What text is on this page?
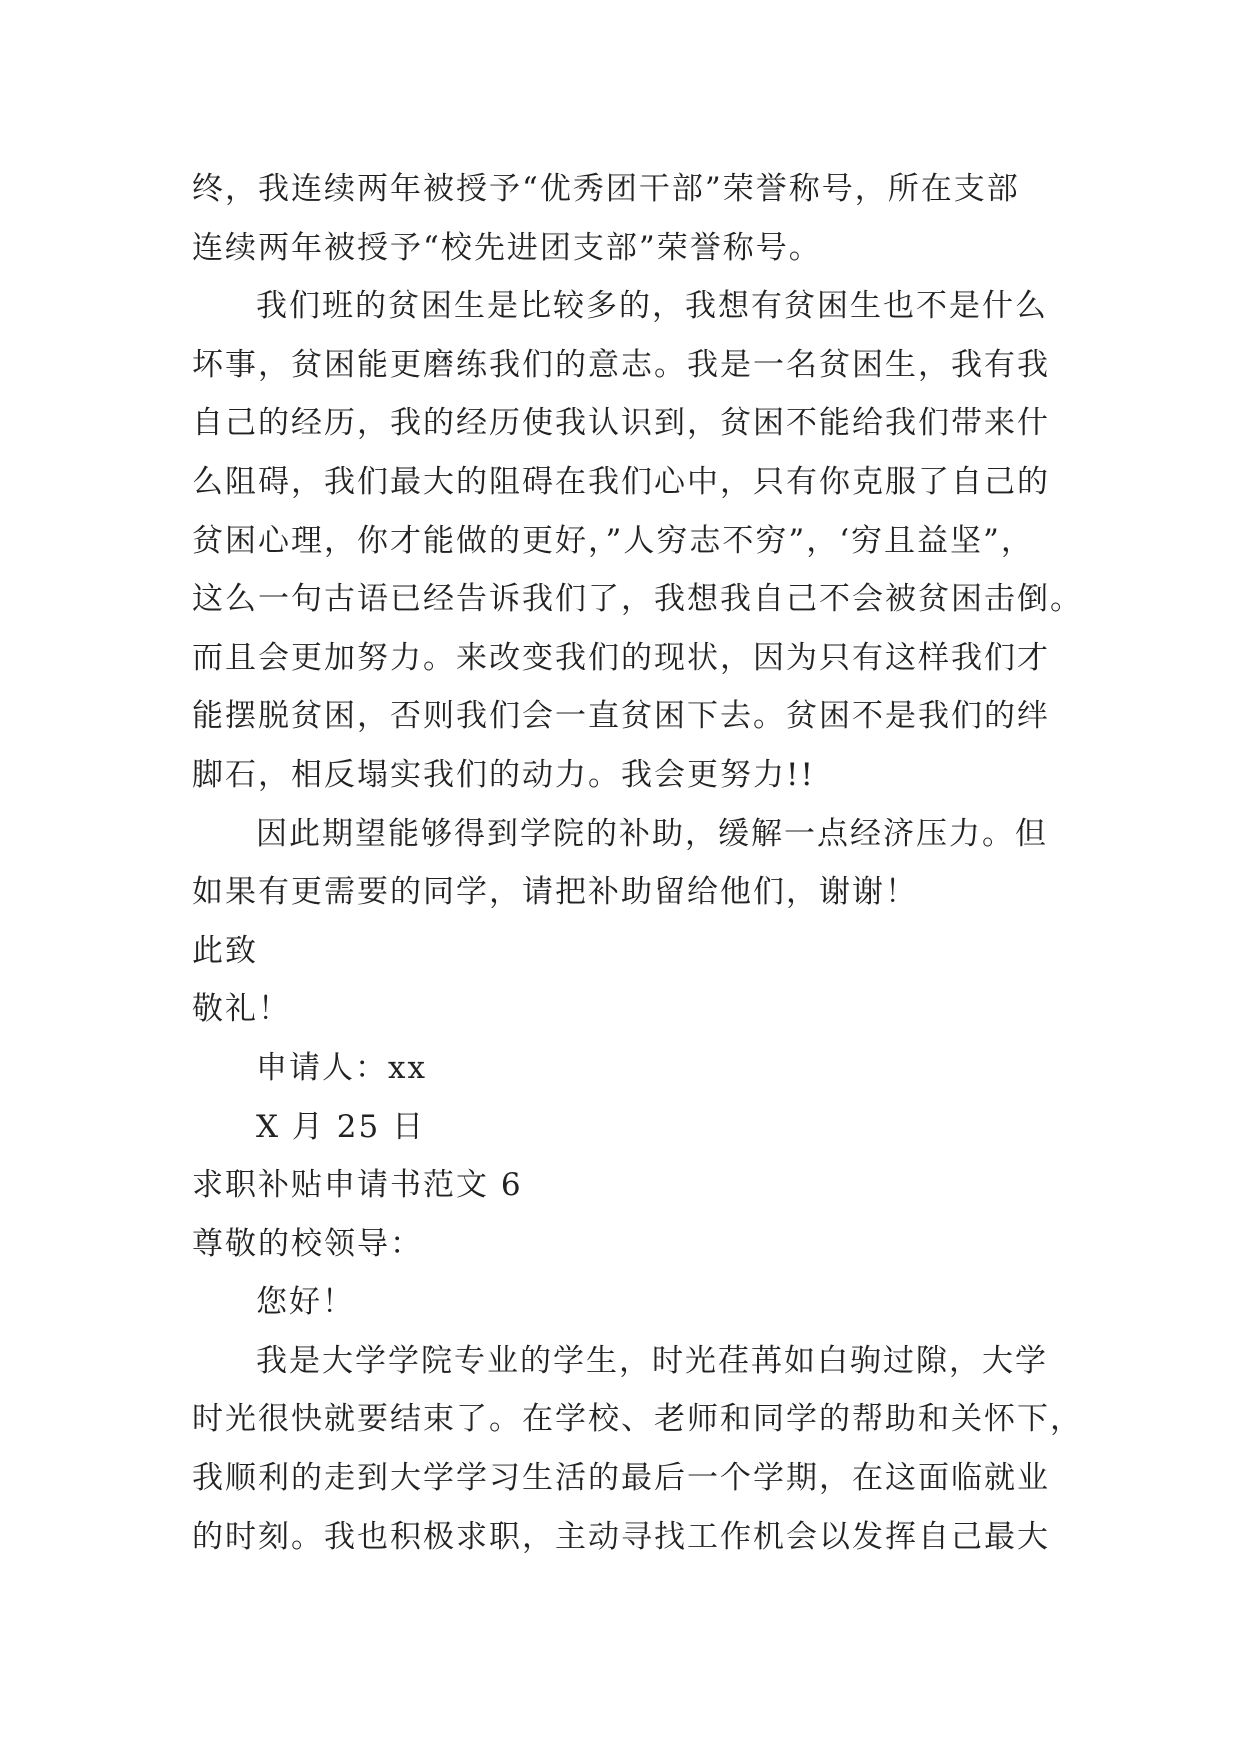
终，我连续两年被授予“优秀团干部”荣誉称号，所在支部
连续两年被授予“校先进团支部”荣誉称号。
我们班的贫困生是比较多的，我想有贫困生也不是什么
坏事，贫困能更磨练我们的意志。我是一名贫困生，我有我
自己的经历，我的经历使我认识到，贫困不能给我们带来什
么阻碍，我们最大的阻碍在我们心中，只有你克服了自己的
贫困心理，你才能做的更好，”人穷志不穷”，‘穷且益坚”，
这么一句古语已经告诉我们了，我想我自己不会被贫困击倒。
而且会更加努力。来改变我们的现状，因为只有这样我们才
能摆脱贫困，否则我们会一直贫困下去。贫困不是我们的绊
脚石，相反塌实我们的动力。我会更努力!!
因此期望能够得到学院的补助，缓解一点经济压力。但
如果有更需要的同学，请把补助留给他们，谢谢！
此致
敬礼！
申请人：xx
X 月 25 日
求职补贴申请书范文 6
尊敬的校领导：
您好！
我是大学学院专业的学生，时光荏苒如白驹过隙，大学
时光很快就要结束了。在学校、老师和同学的帮助和关怀下，
我顺利的走到大学学习生活的最后一个学期，在这面临就业
的时刻。我也积极求职，主动寻找工作机会以发挥自己最大
